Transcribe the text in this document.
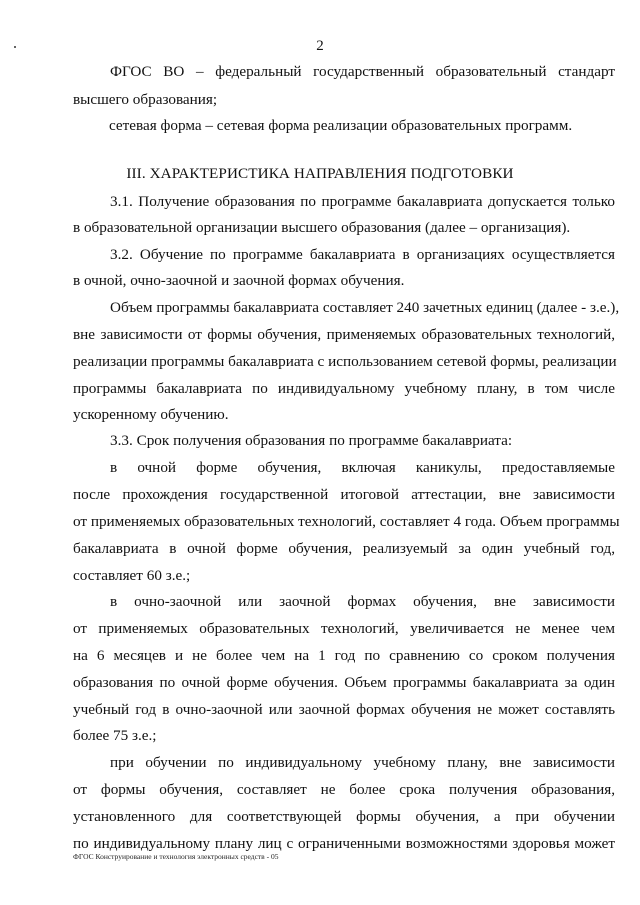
2
ФГОС ВО – федеральный государственный образовательный стандарт
высшего образования;
сетевая форма – сетевая форма реализации образовательных программ.
III. ХАРАКТЕРИСТИКА НАПРАВЛЕНИЯ ПОДГОТОВКИ
3.1. Получение образования по программе бакалавриата допускается только
в образовательной организации высшего образования (далее – организация).
3.2. Обучение по программе бакалавриата в организациях осуществляется
в очной, очно-заочной и заочной формах обучения.
Объем программы бакалавриата составляет 240 зачетных единиц (далее - з.е.),
вне зависимости от формы обучения, применяемых образовательных технологий,
реализации программы бакалавриата с использованием сетевой формы, реализации
программы бакалавриата по индивидуальному учебному плану, в том числе
ускоренному обучению.
3.3. Срок получения образования по программе бакалавриата:
в очной форме обучения, включая каникулы, предоставляемые
после прохождения государственной итоговой аттестации, вне зависимости
от применяемых образовательных технологий, составляет 4 года. Объем программы
бакалавриата в очной форме обучения, реализуемый за один учебный год,
составляет 60 з.е.;
в очно-заочной или заочной формах обучения, вне зависимости
от применяемых образовательных технологий, увеличивается не менее чем
на 6 месяцев и не более чем на 1 год по сравнению со сроком получения
образования по очной форме обучения. Объем программы бакалавриата за один
учебный год в очно-заочной или заочной формах обучения не может составлять
более 75 з.е.;
при обучении по индивидуальному учебному плану, вне зависимости
от формы обучения, составляет не более срока получения образования,
установленного для соответствующей формы обучения, а при обучении
по индивидуальному плану лиц с ограниченными возможностями здоровья может
ФГОС Конструирование и технология электронных средств - 05
